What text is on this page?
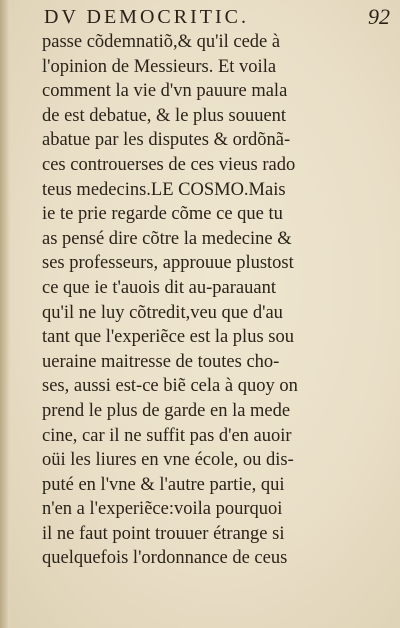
DV DEMOCRITIC.	92
passe cõdemnatiõ,& qu'il cede à
l'opinion de Messieurs. Et voila
comment la vie d'vn pauure mala
de est debatue, & le plus souuent
abatue par les disputes & ordõnã-
ces controuerses de ces vieus rado
teus medecins.LE COSMO.Mais
ie te prie regarde cõme ce que tu
as pensé dire cõtre la medecine &
ses professeurs, approuue plustost
ce que ie t'auois dit au-parauant
qu'il ne luy cõtredit,veu que d'au
tant que l'experiẽce est la plus sou
ueraine maitresse de toutes cho-
ses, aussi est-ce biẽ cela à quoy on
prend le plus de garde en la mede
cine, car il ne suffit pas d'en auoir
oüi les liures en vne école, ou dis-
puté en l'vne & l'autre partie, qui
n'en a l'experiẽce:voila pourquoi
il ne faut point trouuer étrange si
quelquefois l'ordonnance de ceus
